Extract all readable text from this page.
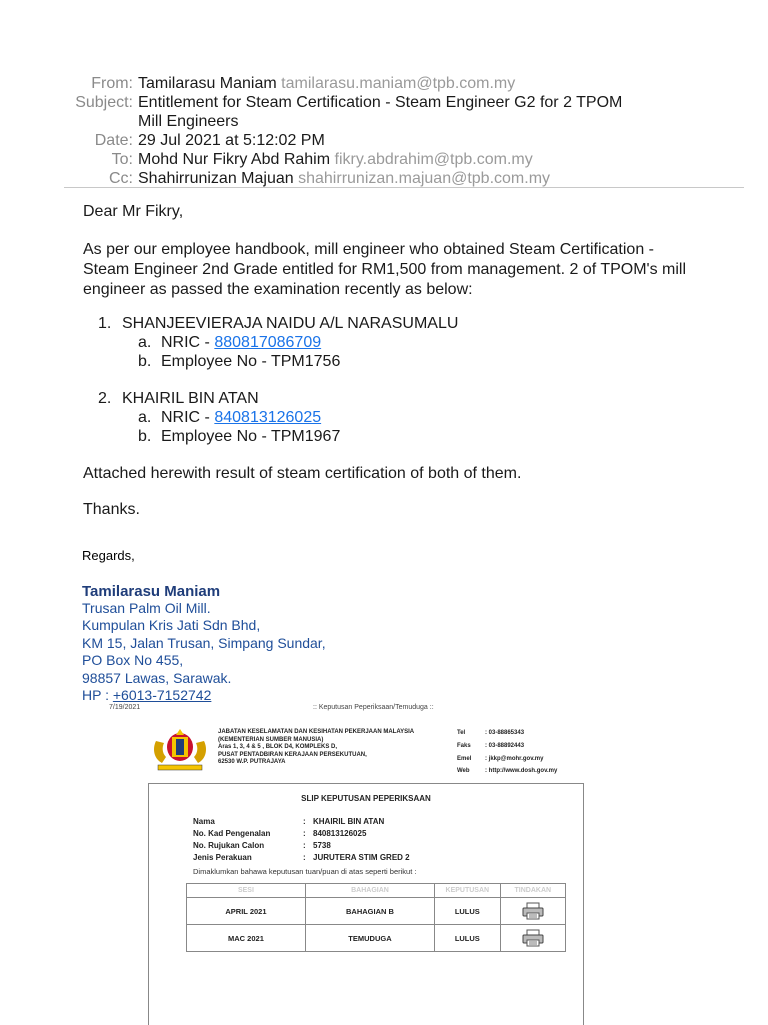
From: Tamilarasu Maniam tamilarasu.maniam@tpb.com.my
Subject: Entitlement for Steam Certification - Steam Engineer G2 for 2 TPOM
Mill Engineers
Date: 29 Jul 2021 at 5:12:02 PM
To: Mohd Nur Fikry Abd Rahim fikry.abdrahim@tpb.com.my
Cc: Shahirrunizan Majuan shahirrunizan.majuan@tpb.com.my

Dear Mr Fikry,

As per our employee handbook, mill engineer who obtained Steam Certification -

Steam Engineer 2nd Grade entitled for RM1,500 from management. 2 of TPOM's mill

engineer as passed the examination recently as below:

1. SHANJEEVIERAJA NAIDU A/L NARASUMALU
a. NRIC - 880817086709
b. Employee No - TPM1756
2. KHAIRIL BIN ATAN
a. NRIC - 840813126025
b. Employee No - TPM1967

Attached herewith result of steam certification of both of them.

Thanks.

Regards,
Tamilarasu Maniam
Trusan Palm Oil Mill.
Kumpulan Kris Jati Sdn Bhd,
KM 15, Jalan Trusan, Simpang Sundar,
PO Box No 455,
98857 Lawas, Sarawak.
HP : +6013-7152742
7/19/2021	:: Keputusan Peperiksaan/Temuduga ::
JABATAN KESELAMATAN DAN KESIHATAN PEKERJAAN MALAYSIA
(KEMENTERIAN SUMBER MANUSIA)
Aras 1, 3, 4 & 5 , BLOK D4, KOMPLEKS D,
PUSAT PENTADBIRAN KERAJAAN PERSEKUTUAN,
62530 W.P. PUTRAJAYA
Tel	: 03-88865343
Faks : 03-88892443
Emel : jkkp@mohr.gov.my
Web	: http://www.dosh.gov.my
SLIP KEPUTUSAN PEPERIKSAAN
Nama	: KHAIRIL BIN ATAN
No. Kad Pengenalan	: 840813126025
No. Rujukan Calon	: 5738
Jenis Perakuan	: JURUTERA STIM GRED 2
Dimaklumkan bahawa keputusan tuan/puan di atas seperti berikut :
SESI	BAHAGIAN	KEPUTUSAN	TINDAKAN
APRIL 2021	BAHAGIAN B	LULUS	
MAC 2021	TEMUDUGA	LULUS	
